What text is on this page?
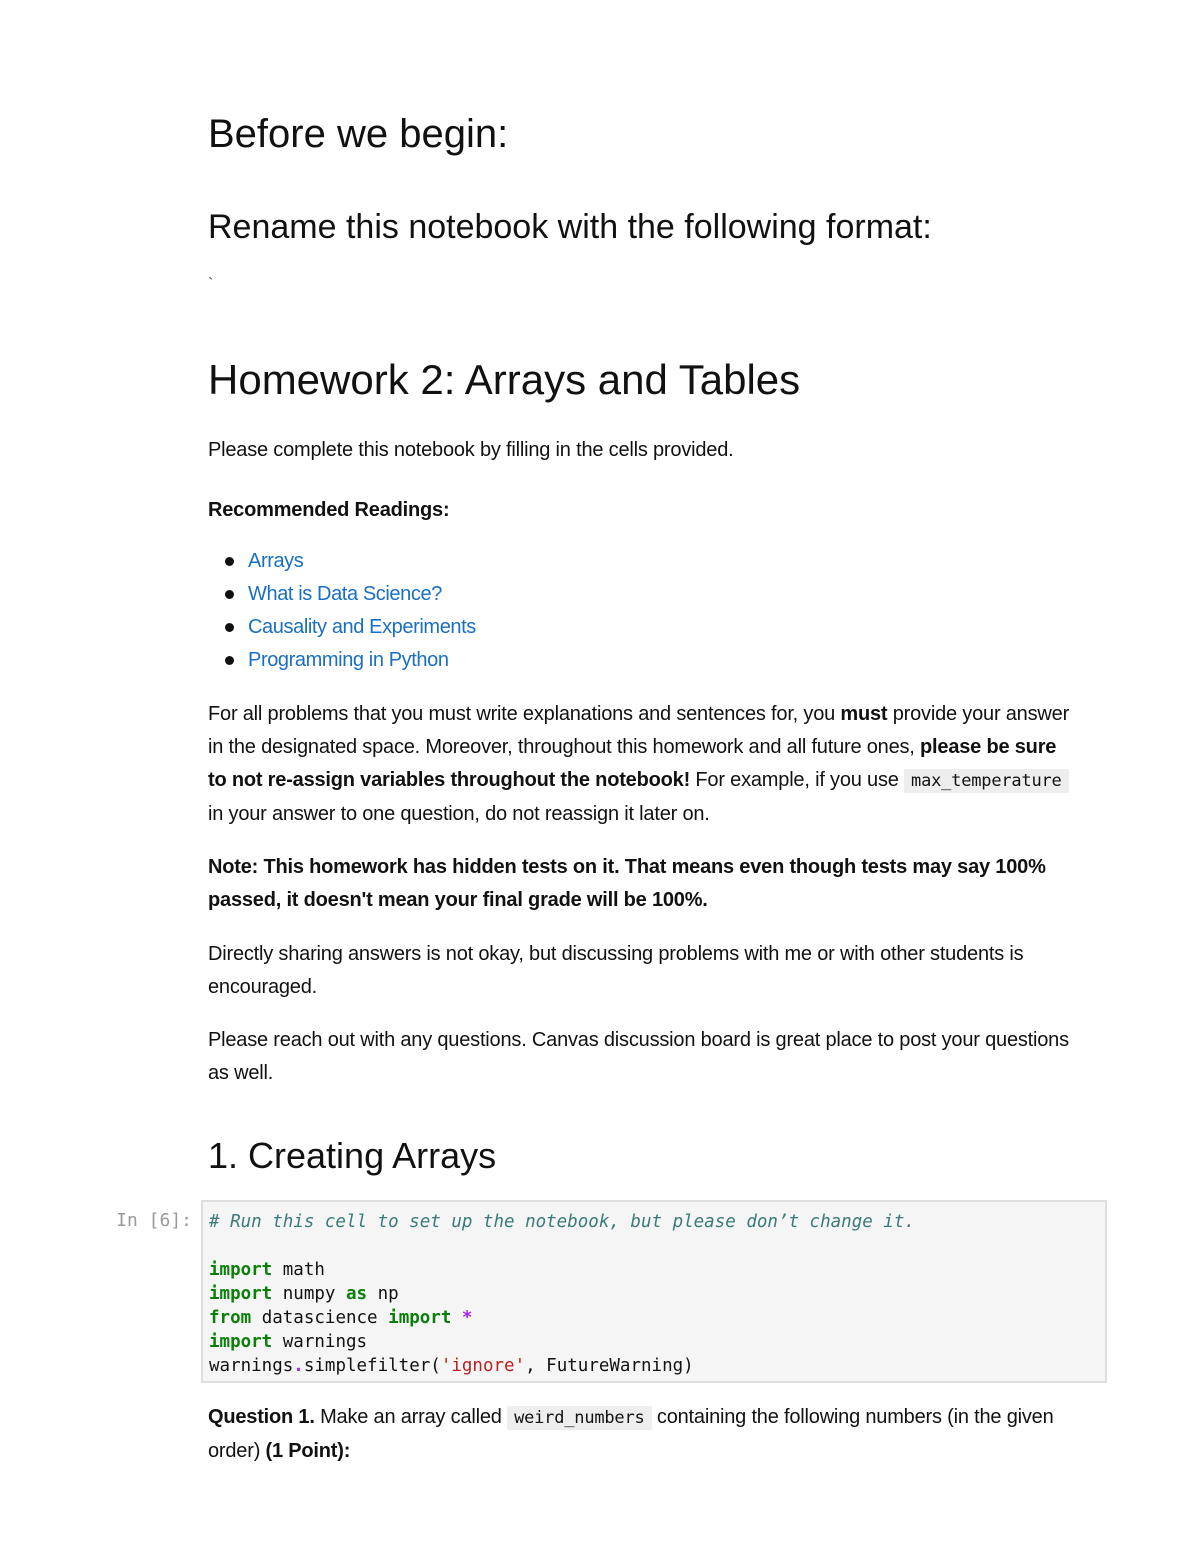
Before we begin:
Rename this notebook with the following format:
`
Homework 2: Arrays and Tables

Please complete this notebook by filling in the cells provided.

Recommended Readings:

Arrays
What is Data Science?
Causality and Experiments
Programming in Python

For all problems that you must write explanations and sentences for, you must provide your answer in the designated space. Moreover, throughout this homework and all future ones, please be sure to not re-assign variables throughout the notebook! For example, if you use max_temperature in your answer to one question, do not reassign it later on.

Note: This homework has hidden tests on it. That means even though tests may say 100% passed, it doesn't mean your final grade will be 100%.

Directly sharing answers is not okay, but discussing problems with me or with other students is encouraged.

Please reach out with any questions. Canvas discussion board is great place to post your questions as well.

1. Creating Arrays
In [6]: # Run this cell to set up the notebook, but please don’t change it.

import math
import numpy as np
from datascience import *
import warnings
warnings.simplefilter('ignore', FutureWarning)

Question 1. Make an array called weird_numbers containing the following numbers (in the given order) (1 Point):
